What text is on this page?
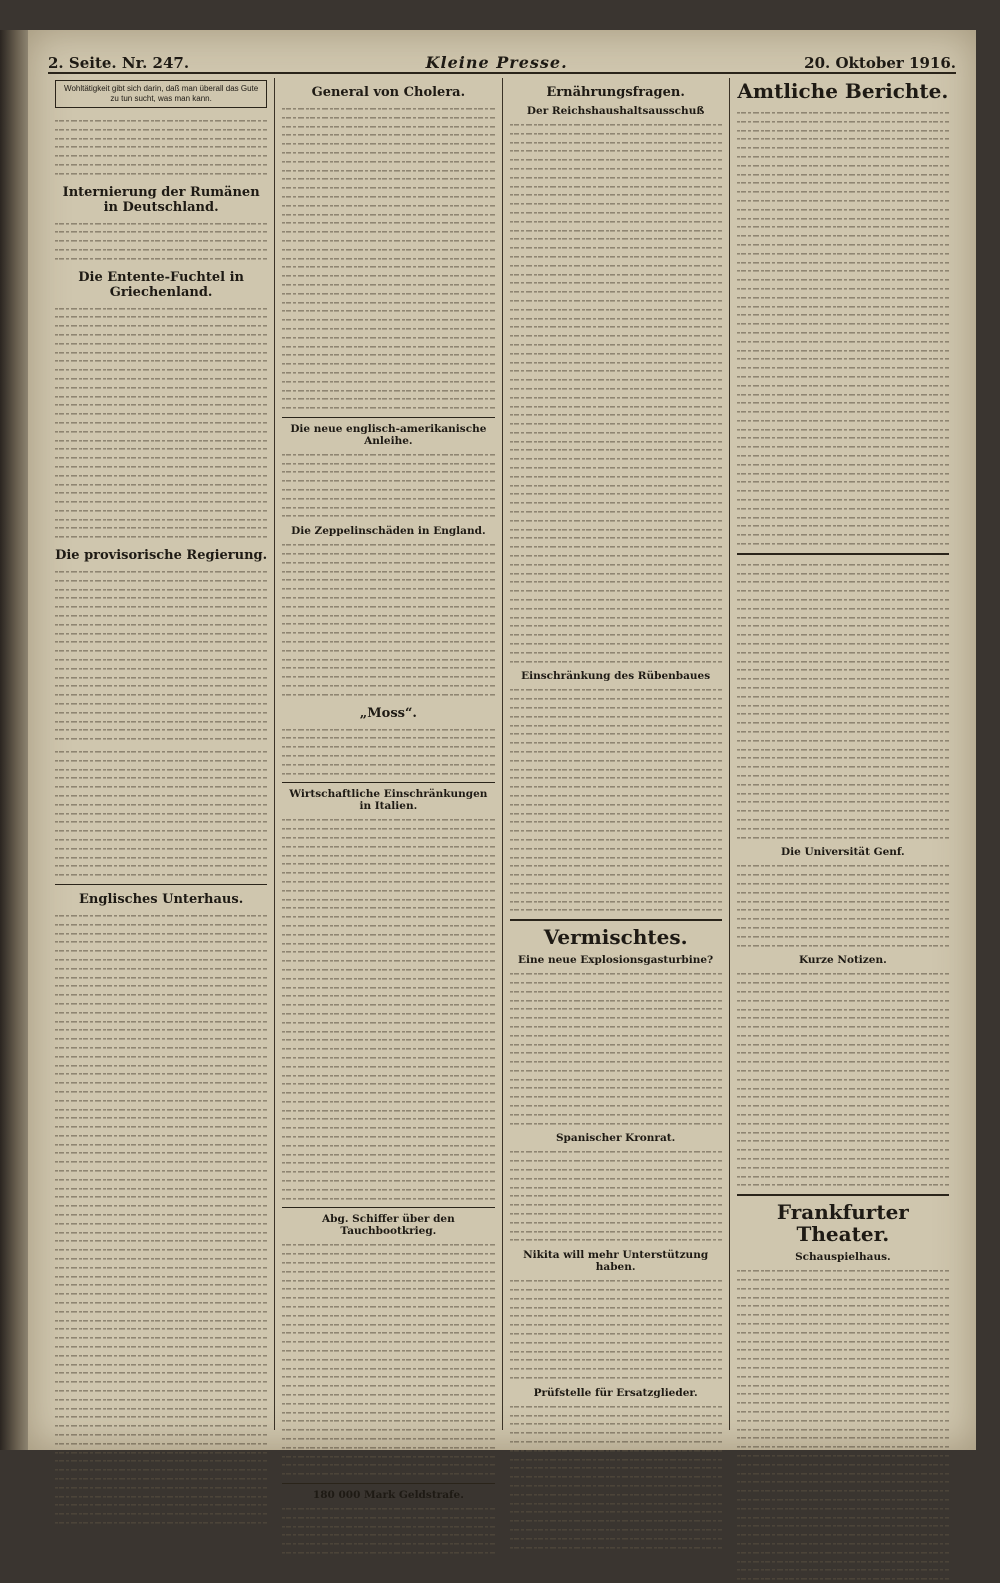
2. Seite. Nr. 247.	Kleine Presse.	20. Oktober 1916.
Wohltätigkeit gibt sich darin, daß man überall das Gute zu tun sucht, was man kann.
Internierung der Rumänen in Deutschland.
Die Entente-Fuchtel in Griechenland.
Die provisorische Regierung.
Englisches Unterhaus.
General von Cholera.
Die neue englisch-amerikanische Anleihe.
Die Zeppelinschäden in England.
„Moss“.
Wirtschaftliche Einschränkungen in Italien.
Abg. Schiffer über den Tauchbootkrieg.
180 000 Mark Geldstrafe.
Ernährungsfragen.
Der Reichshaushaltsausschuß
Einschränkung des Rübenbaues
Vermischtes.
Eine neue Explosionsgasturbine?
Spanischer Kronrat.
Nikita will mehr Unterstützung haben.
Prüfstelle für Ersatzglieder.
Amtliche Berichte.
Die Universität Genf.
Kurze Notizen.
Frankfurter Theater.
Schauspielhaus.
